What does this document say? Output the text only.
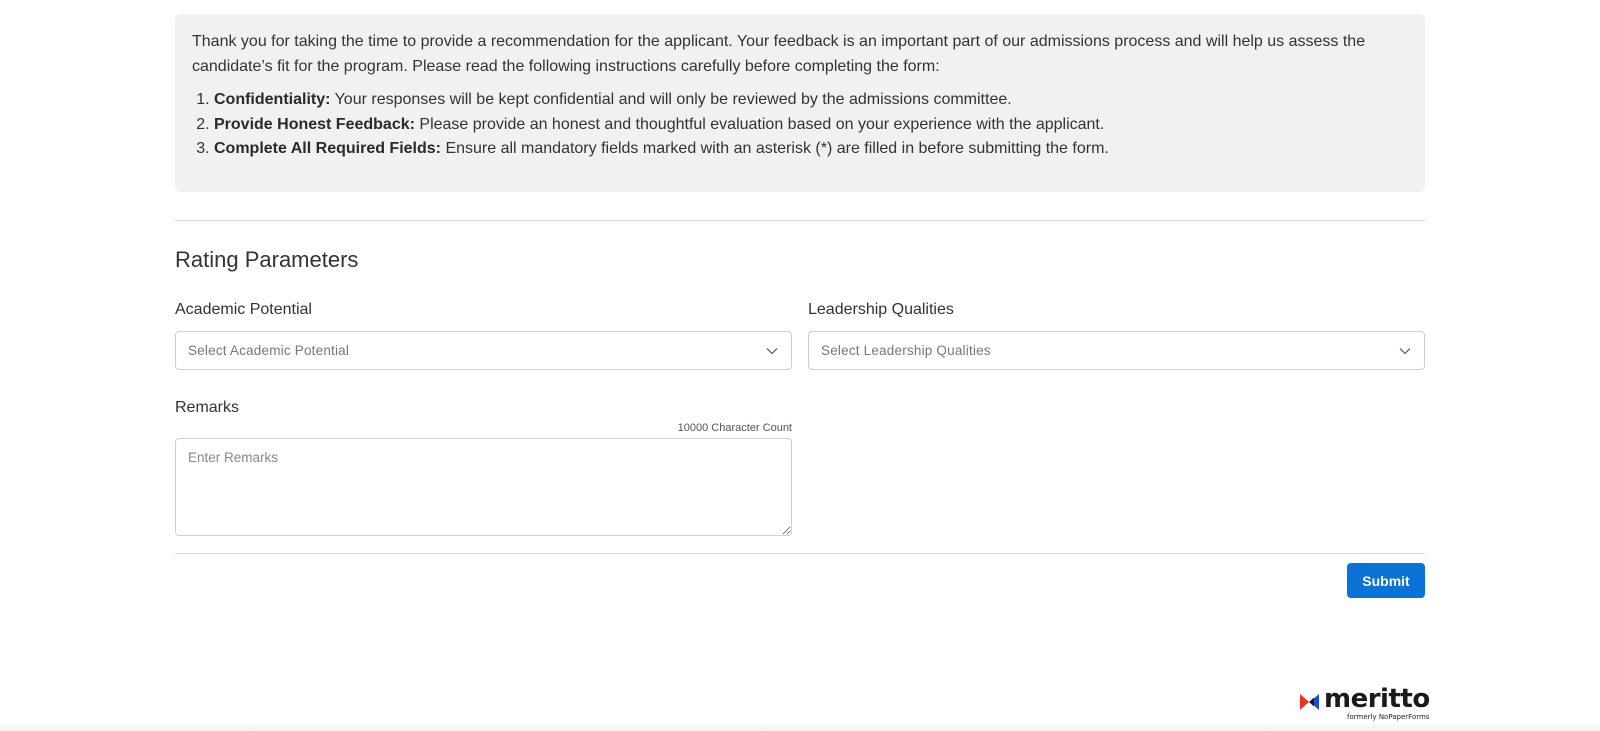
Thank you for taking the time to provide a recommendation for the applicant. Your feedback is an important part of our admissions process and will help us assess the candidate’s fit for the program. Please read the following instructions carefully before completing the form:

1. Confidentiality: Your responses will be kept confidential and will only be reviewed by the admissions committee.
2. Provide Honest Feedback: Please provide an honest and thoughtful evaluation based on your experience with the applicant.
3. Complete All Required Fields: Ensure all mandatory fields marked with an asterisk (*) are filled in before submitting the form.
Rating Parameters
Academic Potential
Select Academic Potential
Leadership Qualities
Select Leadership Qualities
Remarks
10000 Character Count
Enter Remarks
Submit
meritto
formerly NoPaperForms
